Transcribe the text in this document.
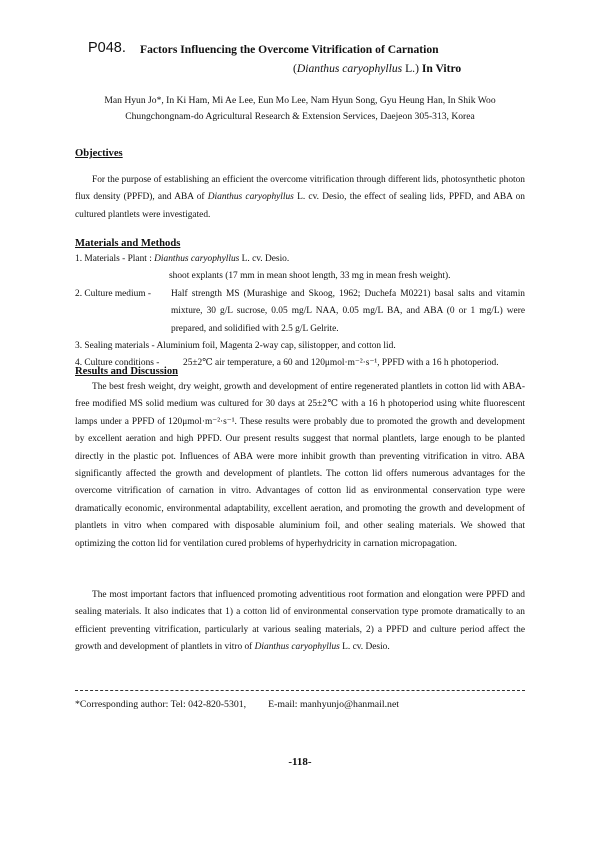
P048. Factors Influencing the Overcome Vitrification of Carnation
(Dianthus caryophyllus L.) In Vitro
Man Hyun Jo*, In Ki Ham, Mi Ae Lee, Eun Mo Lee, Nam Hyun Song, Gyu Heung Han, In Shik Woo
Chungchongnam-do Agricultural Research & Extension Services, Daejeon 305-313, Korea
Objectives
For the purpose of establishing an efficient the overcome vitrification through different lids, photosynthetic photon flux density (PPFD), and ABA of Dianthus caryophyllus L. cv. Desio, the effect of sealing lids, PPFD, and ABA on cultured plantlets were investigated.
Materials and Methods
1. Materials - Plant : Dianthus caryophyllus L. cv. Desio.
shoot explants (17 mm in mean shoot length, 33 mg in mean fresh weight).
2. Culture medium - Half strength MS (Murashige and Skoog, 1962; Duchefa M0221) basal salts and vitamin mixture, 30 g/L sucrose, 0.05 mg/L NAA, 0.05 mg/L BA, and ABA (0 or 1 mg/L) were prepared, and solidified with 2.5 g/L Gelrite.
3. Sealing materials - Aluminium foil, Magenta 2-way cap, silistopper, and cotton lid.
4. Culture conditions -	25±2℃ air temperature, a 60 and 120μmol·m⁻²·s⁻¹, PPFD with a 16 h photoperiod.
Results and Discussion
The best fresh weight, dry weight, growth and development of entire regenerated plantlets in cotton lid with ABA-free modified MS solid medium was cultured for 30 days at 25±2℃ with a 16 h photoperiod using white fluorescent lamps under a PPFD of 120μmol·m⁻²·s⁻¹. These results were probably due to promoted the growth and development by excellent aeration and high PPFD. Our present results suggest that normal plantlets, large enough to be planted directly in the plastic pot. Influences of ABA were more inhibit growth than preventing vitrification in vitro. ABA significantly affected the growth and development of plantlets. The cotton lid offers numerous advantages for the overcome vitrification of carnation in vitro. Advantages of cotton lid as environmental conservation type were dramatically economic, environmental adaptability, excellent aeration, and promoting the growth and development of plantlets in vitro when compared with disposable aluminium foil, and other sealing materials. We showed that optimizing the cotton lid for ventilation cured problems of hyperhydricity in carnation micropagation.
The most important factors that influenced promoting adventitious root formation and elongation were PPFD and sealing materials. It also indicates that 1) a cotton lid of environmental conservation type promote dramatically to an efficient preventing vitrification, particularly at various sealing materials, 2) a PPFD and culture period affect the growth and development of plantlets in vitro of Dianthus caryophyllus L. cv. Desio.
*Corresponding author: Tel: 042-820-5301, E-mail: manhyunjo@hanmail.net
-118-
